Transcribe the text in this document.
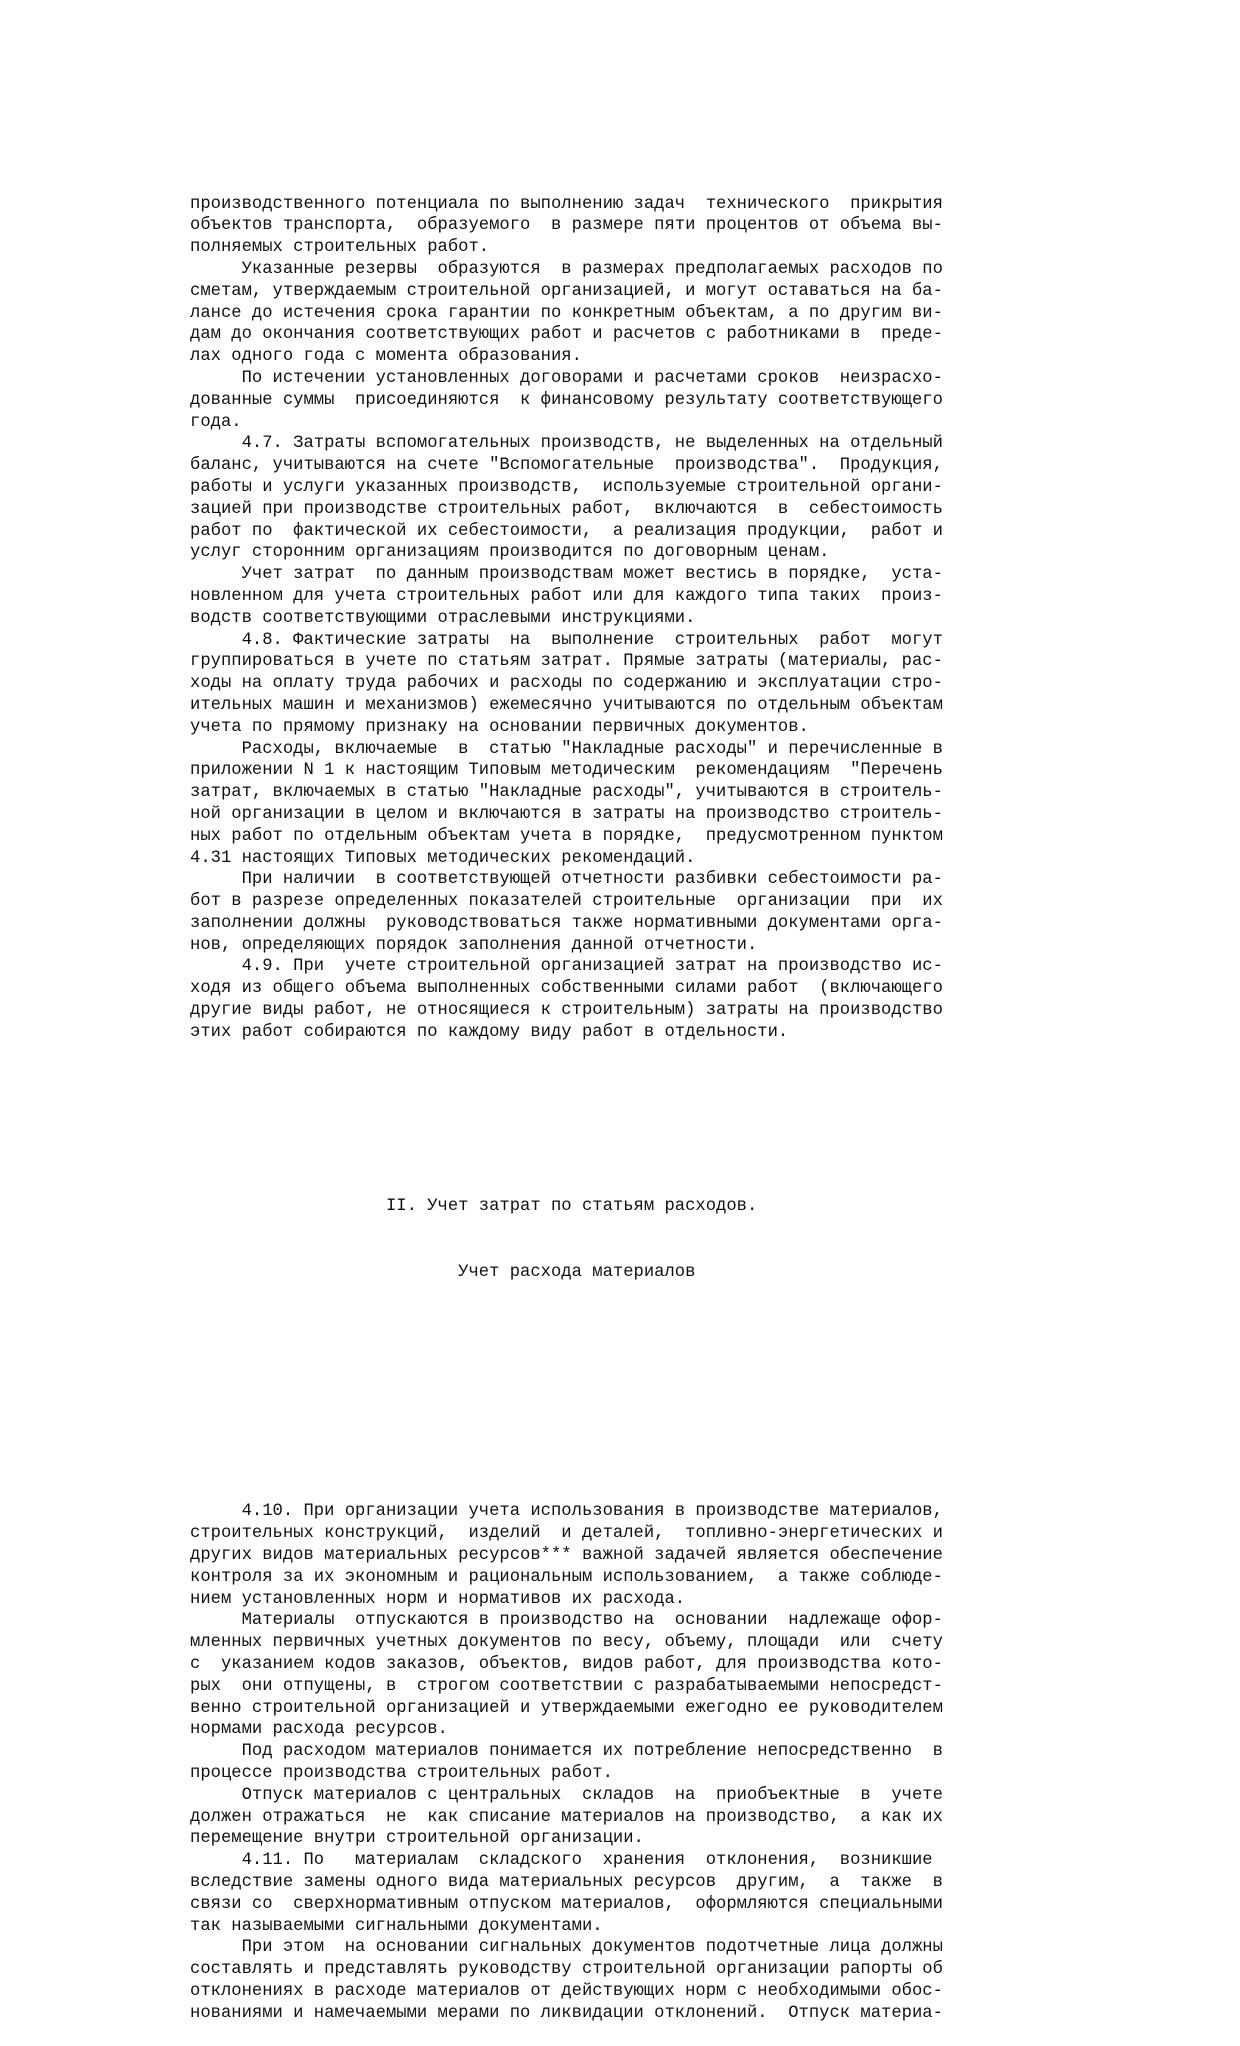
производственного потенциала по выполнению задач  технического  прикрытия
объектов транспорта,  образуемого  в размере пяти процентов от объема вы-
полняемых строительных работ.
Указанные резервы  образуются  в размерах предполагаемых расходов по
сметам, утверждаемым строительной организацией, и могут оставаться на ба-
лансе до истечения срока гарантии по конкретным объектам, а по другим ви-
дам до окончания соответствующих работ и расчетов с работниками в  преде-
лах одного года с момента образования.
По истечении установленных договорами и расчетами сроков  неизрасхо-
дованные суммы  присоединяются  к финансовому результату соответствующего
года.
4.7. Затраты вспомогательных производств, не выделенных на отдельный
баланс, учитываются на счете "Вспомогательные  производства".  Продукция,
работы и услуги указанных производств,  используемые строительной органи-
зацией при производстве строительных работ,  включаются  в  себестоимость
работ по  фактической их себестоимости,  а реализация продукции,  работ и
услуг сторонним организациям производится по договорным ценам.
Учет затрат  по данным производствам может вестись в порядке,  уста-
новленном для учета строительных работ или для каждого типа таких  произ-
водств соответствующими отраслевыми инструкциями.
4.8. Фактические затраты  на  выполнение  строительных  работ  могут
группироваться в учете по статьям затрат. Прямые затраты (материалы, рас-
ходы на оплату труда рабочих и расходы по содержанию и эксплуатации стро-
ительных машин и механизмов) ежемесячно учитываются по отдельным объектам
учета по прямому признаку на основании первичных документов.
Расходы, включаемые  в  статью "Накладные расходы" и перечисленные в
приложении N 1 к настоящим Типовым методическим  рекомендациям  "Перечень
затрат, включаемых в статью "Накладные расходы", учитываются в строитель-
ной организации в целом и включаются в затраты на производство строитель-
ных работ по отдельным объектам учета в порядке,  предусмотренном пунктом
4.31 настоящих Типовых методических рекомендаций.
При наличии  в соответствующей отчетности разбивки себестоимости ра-
бот в разрезе определенных показателей строительные  организации  при  их
заполнении должны  руководствоваться также нормативными документами орга-
нов, определяющих порядок заполнения данной отчетности.
4.9. При  учете строительной организацией затрат на производство ис-
ходя из общего объема выполненных собственными силами работ  (включающего
другие виды работ, не относящиеся к строительным) затраты на производство
этих работ собираются по каждому виду работ в отдельности.

II. Учет затрат по статьям расходов.

Учет расхода материалов

4.10. При организации учета использования в производстве материалов,
строительных конструкций,  изделий  и деталей,  топливно-энергетических и
других видов материальных ресурсов*** важной задачей является обеспечение
контроля за их экономным и рациональным использованием,  а также соблюде-
нием установленных норм и нормативов их расхода.
Материалы  отпускаются в производство на  основании  надлежаще офор-
мленных первичных учетных документов по весу, объему, площади  или  счету
с  указанием кодов заказов, объектов, видов работ, для производства кото-
рых  они отпущены, в  строгом соответствии с разрабатываемыми непосредст-
венно строительной организацией и утверждаемыми ежегодно ее руководителем
нормами расхода ресурсов.
Под расходом материалов понимается их потребление непосредственно  в
процессе производства строительных работ.
Отпуск материалов с центральных  складов  на  приобъектные  в  учете
должен отражаться  не  как списание материалов на производство,  а как их
перемещение внутри строительной организации.
4.11. По   материалам  складского  хранения  отклонения,  возникшие
вследствие замены одного вида материальных ресурсов  другим,  а  также  в
связи со  сверхнормативным отпуском материалов,  оформляются специальными
так называемыми сигнальными документами.
При этом  на основании сигнальных документов подотчетные лица должны
составлять и представлять руководству строительной организации рапорты об
отклонениях в расходе материалов от действующих норм с необходимыми обос-
нованиями и намечаемыми мерами по ликвидации отклонений.  Отпуск материа-
